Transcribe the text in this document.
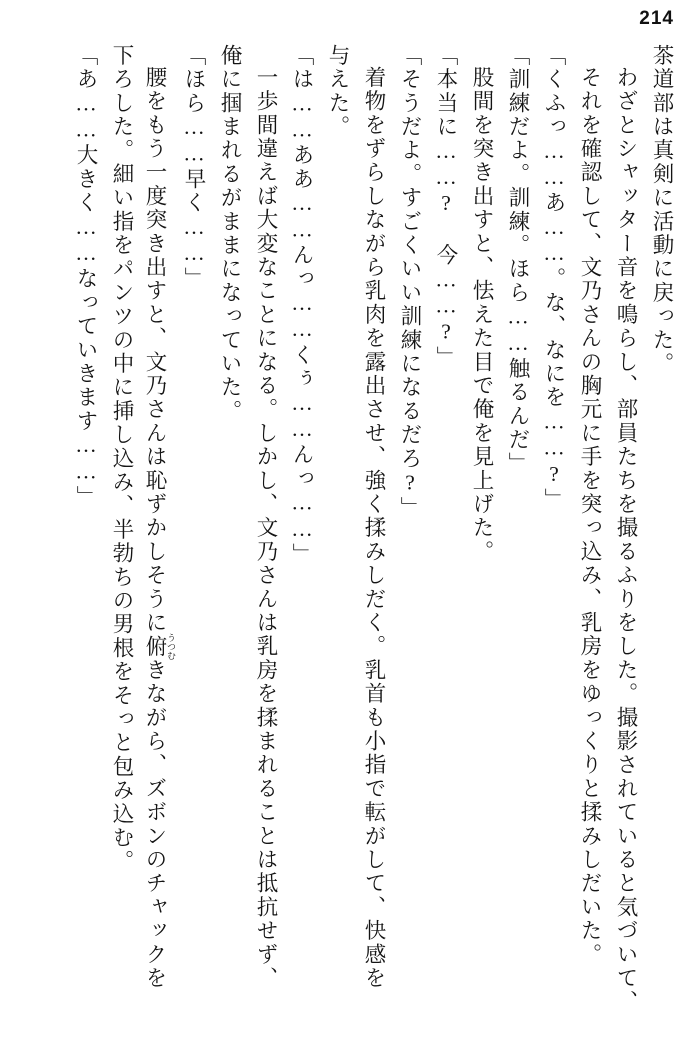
214
茶道部は真剣に活動に戻った。
わざとシャッター音を鳴らし、部員たちを撮るふりをした。撮影されていると気づいて、
それを確認して、文乃さんの胸元に手を突っ込み、乳房をゆっくりと揉みしだいた。
「くふっ……あ……。な、なにを……?」
「訓練だよ。訓練。ほら……触るんだ」
股間を突き出すと、怯えた目で俺を見上げた。
「本当に……? 今……?」
「そうだよ。すごくいい訓練になるだろ?」
着物をずらしながら乳肉を露出させ、強く揉みしだく。乳首も小指で転がして、快感を
与えた。
「は……ああ……んっ……くぅ……んっ……」
一歩間違えば大変なことになる。しかし、文乃さんは乳房を揉まれることは抵抗せず、
俺に掴まれるがままになっていた。
「ほら……早く……」
腰をもう一度突き出すと、文乃さんは恥ずかしそうに俯 うつむきながら、ズボンのチャックを
下ろした。細い指をパンツの中に挿し込み、半勃ちの男根をそっと包み込む。
「あ……大きく……なっていきます……」
